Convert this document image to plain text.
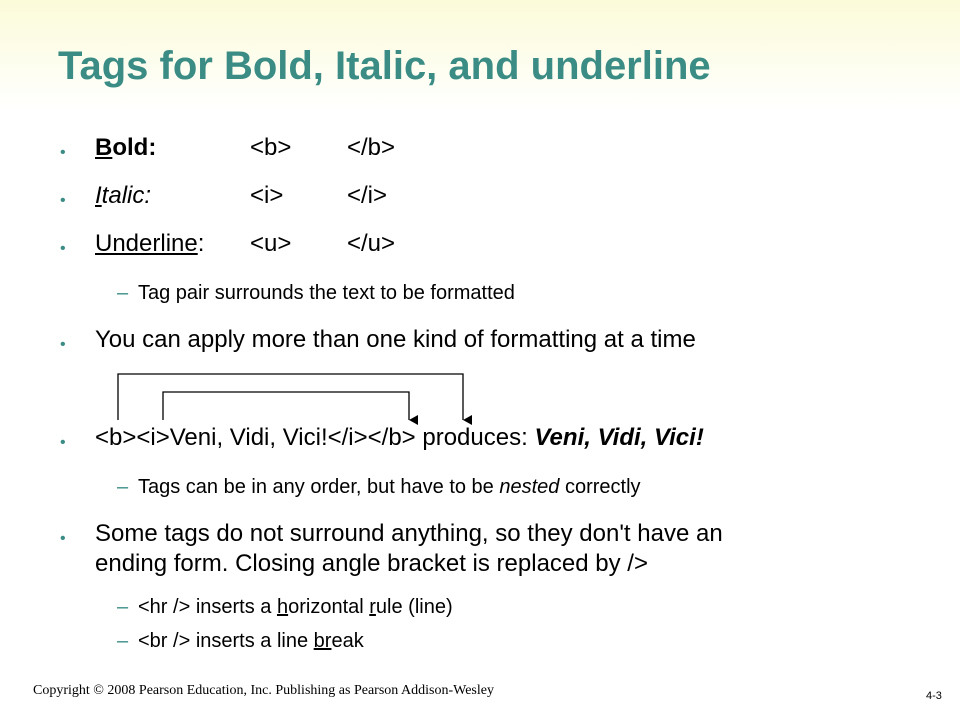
Tags for Bold, Italic, and underline
• Bold:	<b> </b>
• Italic:	<i>	</i>
• Underline: <u> </u>
– Tag pair surrounds the text to be formatted
• You can apply more than one kind of formatting at a time
• <b><i>Veni, Vidi, Vici!</i></b> produces: Veni, Vidi, Vici!
– Tags can be in any order, but have to be nested correctly
• Some tags do not surround anything, so they don't have an
ending form. Closing angle bracket is replaced by />
– <hr /> inserts a horizontal rule (line)
– <br /> inserts a line break
Copyright © 2008 Pearson Education, Inc. Publishing as Pearson Addison-Wesley	4-3
